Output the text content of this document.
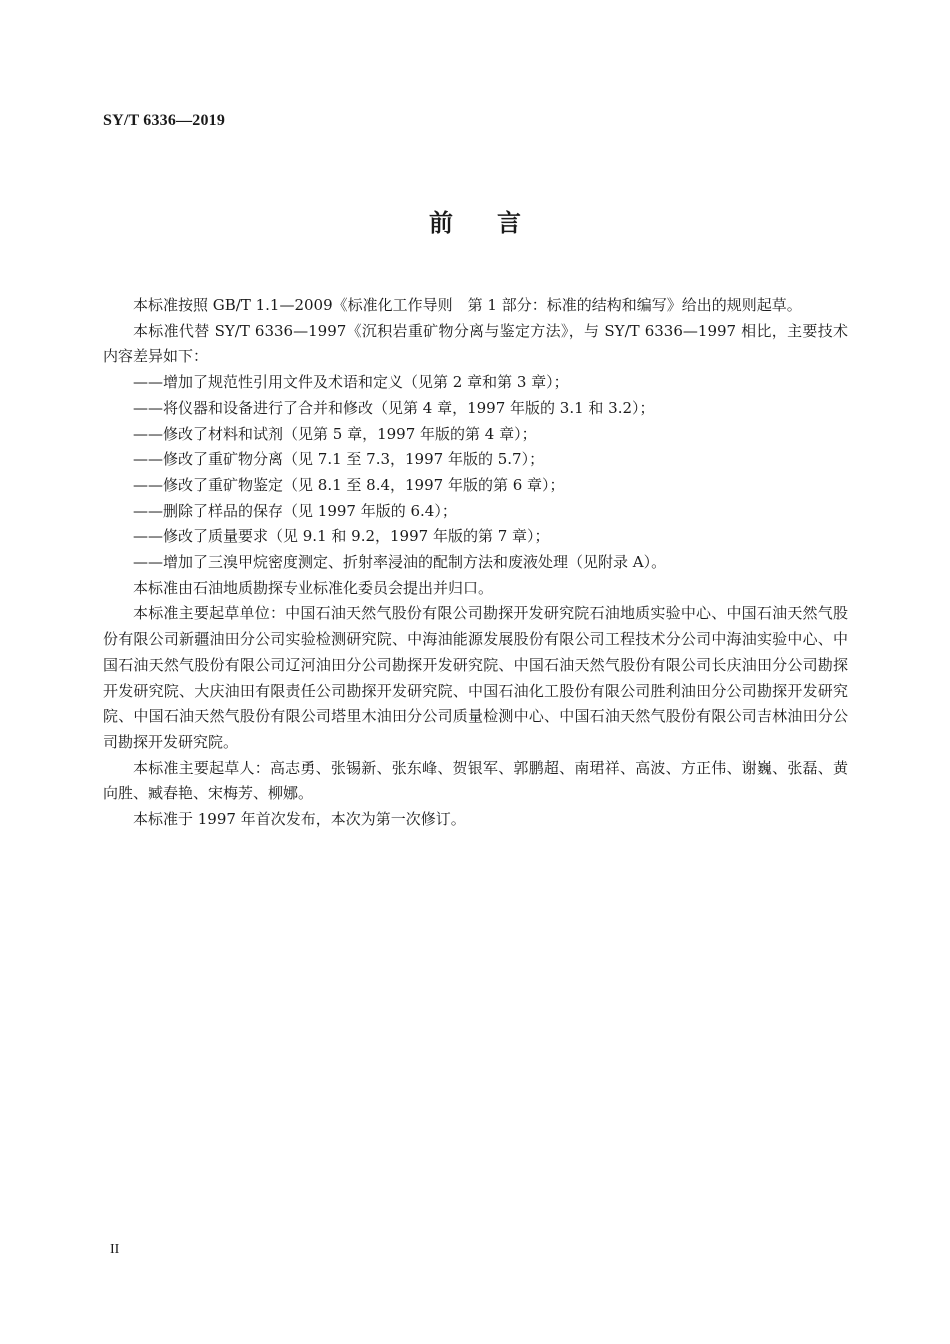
SY/T 6336—2019
前言

本标准按照 GB/T 1.1—2009《标准化工作导则　第 1 部分：标准的结构和编写》给出的规则起草。

本标准代替 SY/T 6336—1997《沉积岩重矿物分离与鉴定方法》，与 SY/T 6336—1997 相比，主要技术内容差异如下：

——增加了规范性引用文件及术语和定义（见第 2 章和第 3 章）；
——将仪器和设备进行了合并和修改（见第 4 章，1997 年版的 3.1 和 3.2）；
——修改了材料和试剂（见第 5 章，1997 年版的第 4 章）；
——修改了重矿物分离（见 7.1 至 7.3，1997 年版的 5.7）；
——修改了重矿物鉴定（见 8.1 至 8.4，1997 年版的第 6 章）；
——删除了样品的保存（见 1997 年版的 6.4）；
——修改了质量要求（见 9.1 和 9.2，1997 年版的第 7 章）；
——增加了三溴甲烷密度测定、折射率浸油的配制方法和废液处理（见附录 A）。

本标准由石油地质勘探专业标准化委员会提出并归口。

本标准主要起草单位：中国石油天然气股份有限公司勘探开发研究院石油地质实验中心、中国石油天然气股份有限公司新疆油田分公司实验检测研究院、中海油能源发展股份有限公司工程技术分公司中海油实验中心、中国石油天然气股份有限公司辽河油田分公司勘探开发研究院、中国石油天然气股份有限公司长庆油田分公司勘探开发研究院、大庆油田有限责任公司勘探开发研究院、中国石油化工股份有限公司胜利油田分公司勘探开发研究院、中国石油天然气股份有限公司塔里木油田分公司质量检测中心、中国石油天然气股份有限公司吉林油田分公司勘探开发研究院。

本标准主要起草人：高志勇、张锡新、张东峰、贺银军、郭鹏超、南珺祥、高波、方正伟、谢巍、张磊、黄向胜、臧春艳、宋梅芳、柳娜。

本标准于 1997 年首次发布，本次为第一次修订。

II
